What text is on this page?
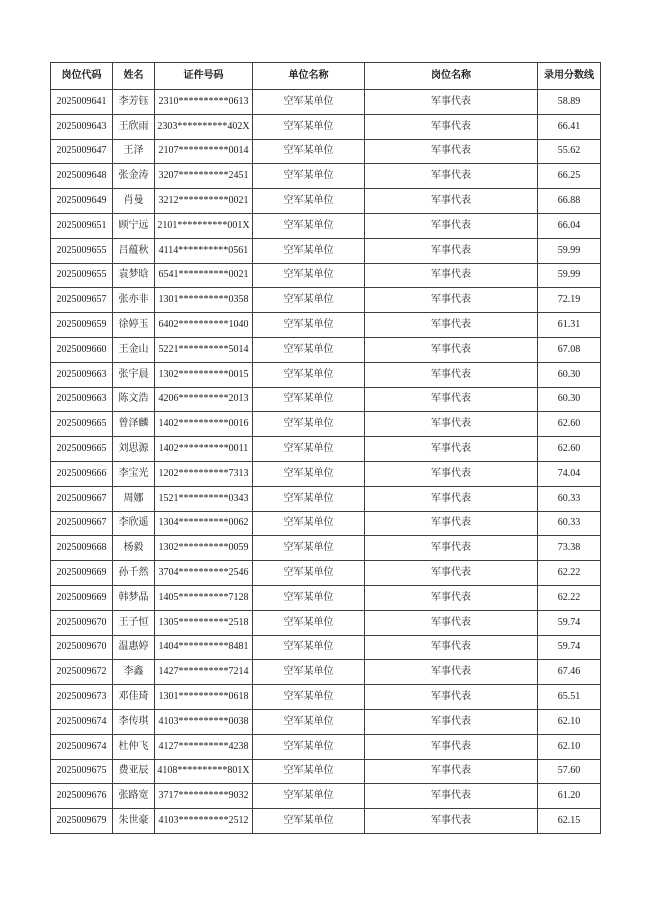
岗位代码	姓名	证件号码	单位名称	岗位名称	录用分数线
2025009641	李芳钰	2310**********0613	空军某单位	军事代表	58.89
2025009643	王欣雨	2303**********402X	空军某单位	军事代表	66.41
2025009647	王泽	2107**********0014	空军某单位	军事代表	55.62
2025009648	张金涛	3207**********2451	空军某单位	军事代表	66.25
2025009649	肖曼	3212**********0021	空军某单位	军事代表	66.88
2025009651	顾宁远	2101**********001X	空军某单位	军事代表	66.04
2025009655	吕蕴秋	4114**********0561	空军某单位	军事代表	59.99
2025009655	袁梦晗	6541**********0021	空军某单位	军事代表	59.99
2025009657	张亦非	1301**********0358	空军某单位	军事代表	72.19
2025009659	徐婷玉	6402**********1040	空军某单位	军事代表	61.31
2025009660	王金山	5221**********5014	空军某单位	军事代表	67.08
2025009663	张宇晨	1302**********0015	空军某单位	军事代表	60.30
2025009663	陈文浩	4206**********2013	空军某单位	军事代表	60.30
2025009665	曾泽麟	1402**********0016	空军某单位	军事代表	62.60
2025009665	刘思源	1402**********0011	空军某单位	军事代表	62.60
2025009666	李宝光	1202**********7313	空军某单位	军事代表	74.04
2025009667	周娜	1521**********0343	空军某单位	军事代表	60.33
2025009667	李欣遥	1304**********0062	空军某单位	军事代表	60.33
2025009668	杨毅	1302**********0059	空军某单位	军事代表	73.38
2025009669	孙千然	3704**********2546	空军某单位	军事代表	62.22
2025009669	韩梦晶	1405**********7128	空军某单位	军事代表	62.22
2025009670	王子恒	1305**********2518	空军某单位	军事代表	59.74
2025009670	温惠婷	1404**********8481	空军某单位	军事代表	59.74
2025009672	李鑫	1427**********7214	空军某单位	军事代表	67.46
2025009673	邓佳琦	1301**********0618	空军某单位	军事代表	65.51
2025009674	李传琪	4103**********0038	空军某单位	军事代表	62.10
2025009674	杜仲飞	4127**********4238	空军某单位	军事代表	62.10
2025009675	费亚辰	4108**********801X	空军某单位	军事代表	57.60
2025009676	张路宽	3717**********9032	空军某单位	军事代表	61.20
2025009679	朱世豪	4103**********2512	空军某单位	军事代表	62.15
